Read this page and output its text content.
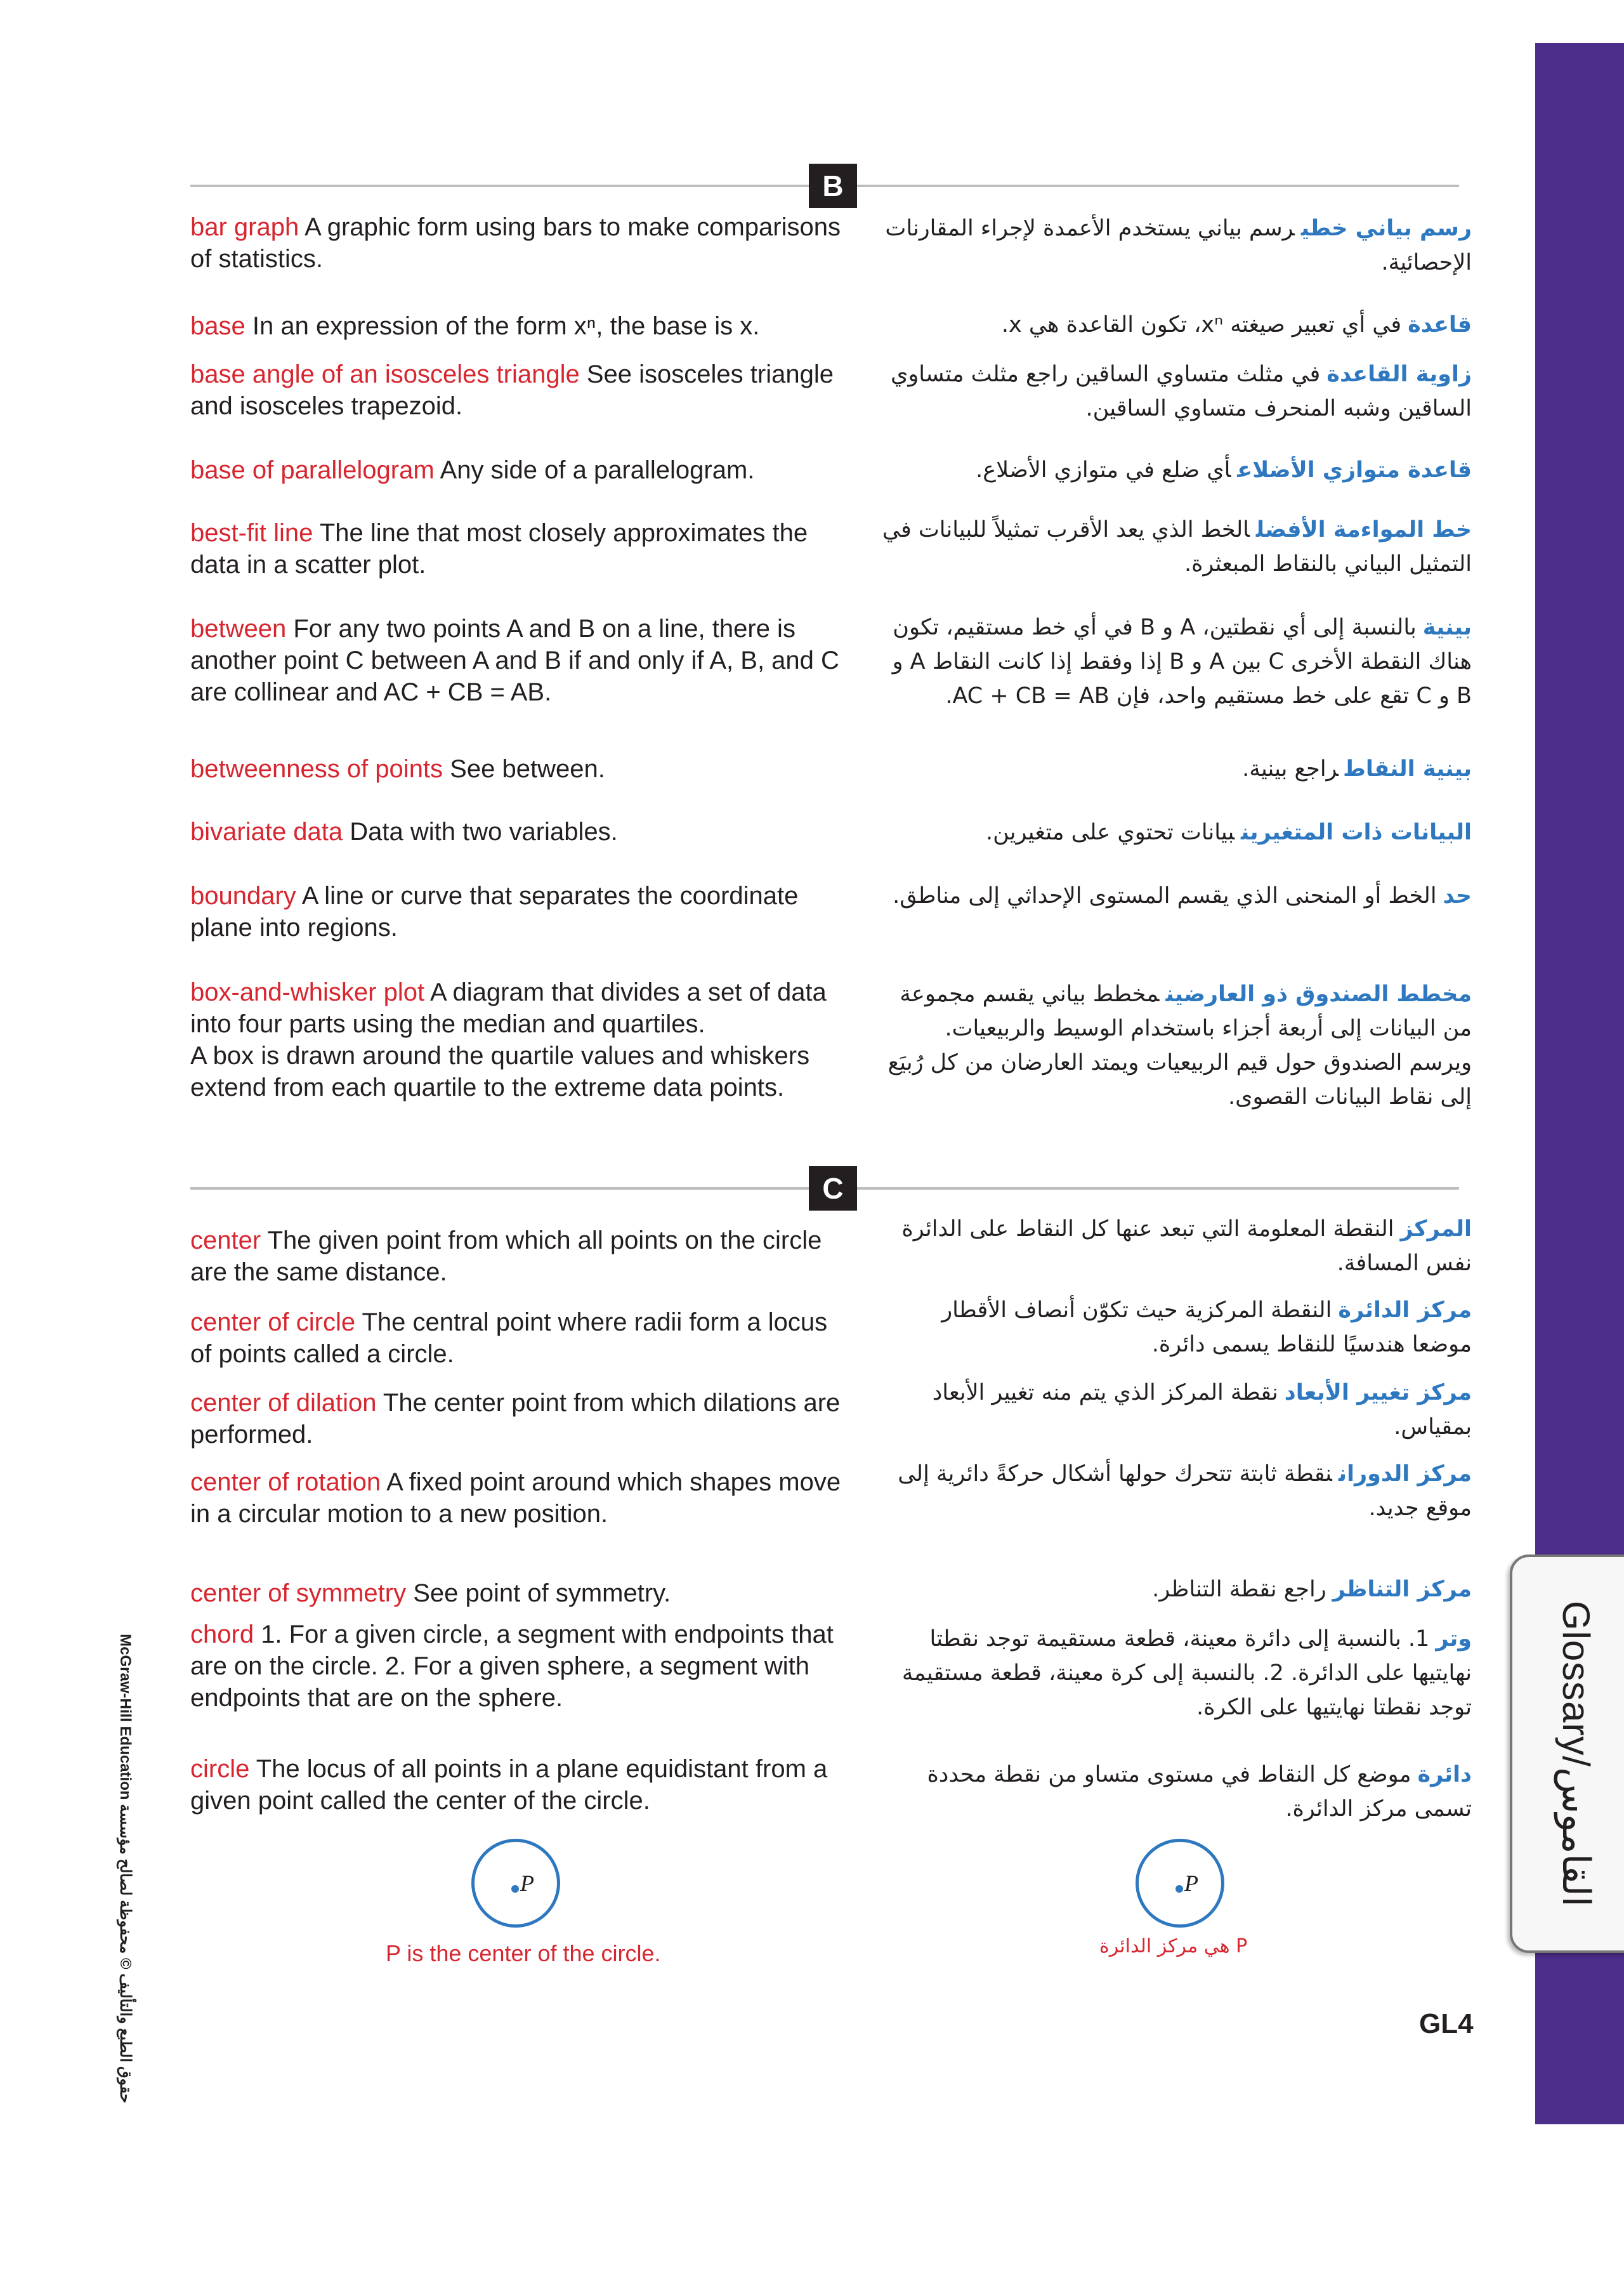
Glossary/القاموس
McGraw-Hill Education حقوق الطبع والتأليف © محفوظة لصالح مؤسسة
B
bar graph A graphic form using bars to make comparisons of statistics.
base In an expression of the form xⁿ, the base is x.
base angle of an isosceles triangle See isosceles triangle and isosceles trapezoid.
base of parallelogram Any side of a parallelogram.
best-fit line The line that most closely approximates the data in a scatter plot.
between For any two points A and B on a line, there is another point C between A and B if and only if A, B, and C are collinear and AC + CB = AB.
betweenness of points See between.
bivariate data Data with two variables.
boundary A line or curve that separates the coordinate plane into regions.
box-and-whisker plot A diagram that divides a set of data into four parts using the median and quartiles.
A box is drawn around the quartile values and whiskers extend from each quartile to the extreme data points.
C
center The given point from which all points on the circle are the same distance.
center of circle The central point where radii form a locus of points called a circle.
center of dilation The center point from which dilations are performed.
center of rotation A fixed point around which shapes move in a circular motion to a new position.
center of symmetry See point of symmetry.
chord 1. For a given circle, a segment with endpoints that are on the circle. 2. For a given sphere, a segment with endpoints that are on the sphere.
circle The locus of all points in a plane equidistant from a given point called the center of the circle.
رسم بياني خطيرسم بياني يستخدم الأعمدة لإجراء المقارنات الإحصائية.
قاعدةفي أي تعبير صيغته xⁿ، تكون القاعدة هي x.
زاوية القاعدةفي مثلث متساوي الساقين راجع مثلث متساوي الساقين وشبه المنحرف متساوي الساقين.
قاعدة متوازي الأضلاعأي ضلع في متوازي الأضلاع.
خط المواءمة الأفضلالخط الذي يعد الأقرب تمثيلاً للبيانات في التمثيل البياني بالنقاط المبعثرة.
بينيةبالنسبة إلى أي نقطتين، A و B في أي خط مستقيم، تكون هناك النقطة الأخرى C بين A و B إذا وفقط إذا كانت النقاط A و B و C تقع على خط مستقيم واحد، فإن AC + CB = AB.
بينية النقاطراجع بينية.
البيانات ذات المتغيرينبيانات تحتوي على متغيرين.
حدالخط أو المنحنى الذي يقسم المستوى الإحداثي إلى مناطق.
مخطط الصندوق ذو العارضينمخطط بياني يقسم مجموعة من البيانات إلى أربعة أجزاء باستخدام الوسيط والربيعيات.
ويرسم الصندوق حول قيم الربيعيات ويمتد العارضان من كل رُبيَع إلى نقاط البيانات القصوى.
المركزالنقطة المعلومة التي تبعد عنها كل النقاط على الدائرة نفس المسافة.
مركز الدائرةالنقطة المركزية حيث تكوّن أنصاف الأقطار موضعا هندسيًا للنقاط يسمى دائرة.
مركز تغيير الأبعادنقطة المركز الذي يتم منه تغيير الأبعاد بمقياس.
مركز الدوراننقطة ثابتة تتحرك حولها أشكال حركةً دائرية إلى موقع جديد.
مركز التناظرراجع نقطة التناظر.
وتر1. بالنسبة إلى دائرة معينة، قطعة مستقيمة توجد نقطتا نهايتيها على الدائرة. 2. بالنسبة إلى كرة معينة، قطعة مستقيمة توجد نقطتا نهايتيها على الكرة.
دائرةموضع كل النقاط في مستوى متساو من نقطة محددة تسمى مركز الدائرة.
P
P is the center of the circle.
P
P هي مركز الدائرة
GL4
